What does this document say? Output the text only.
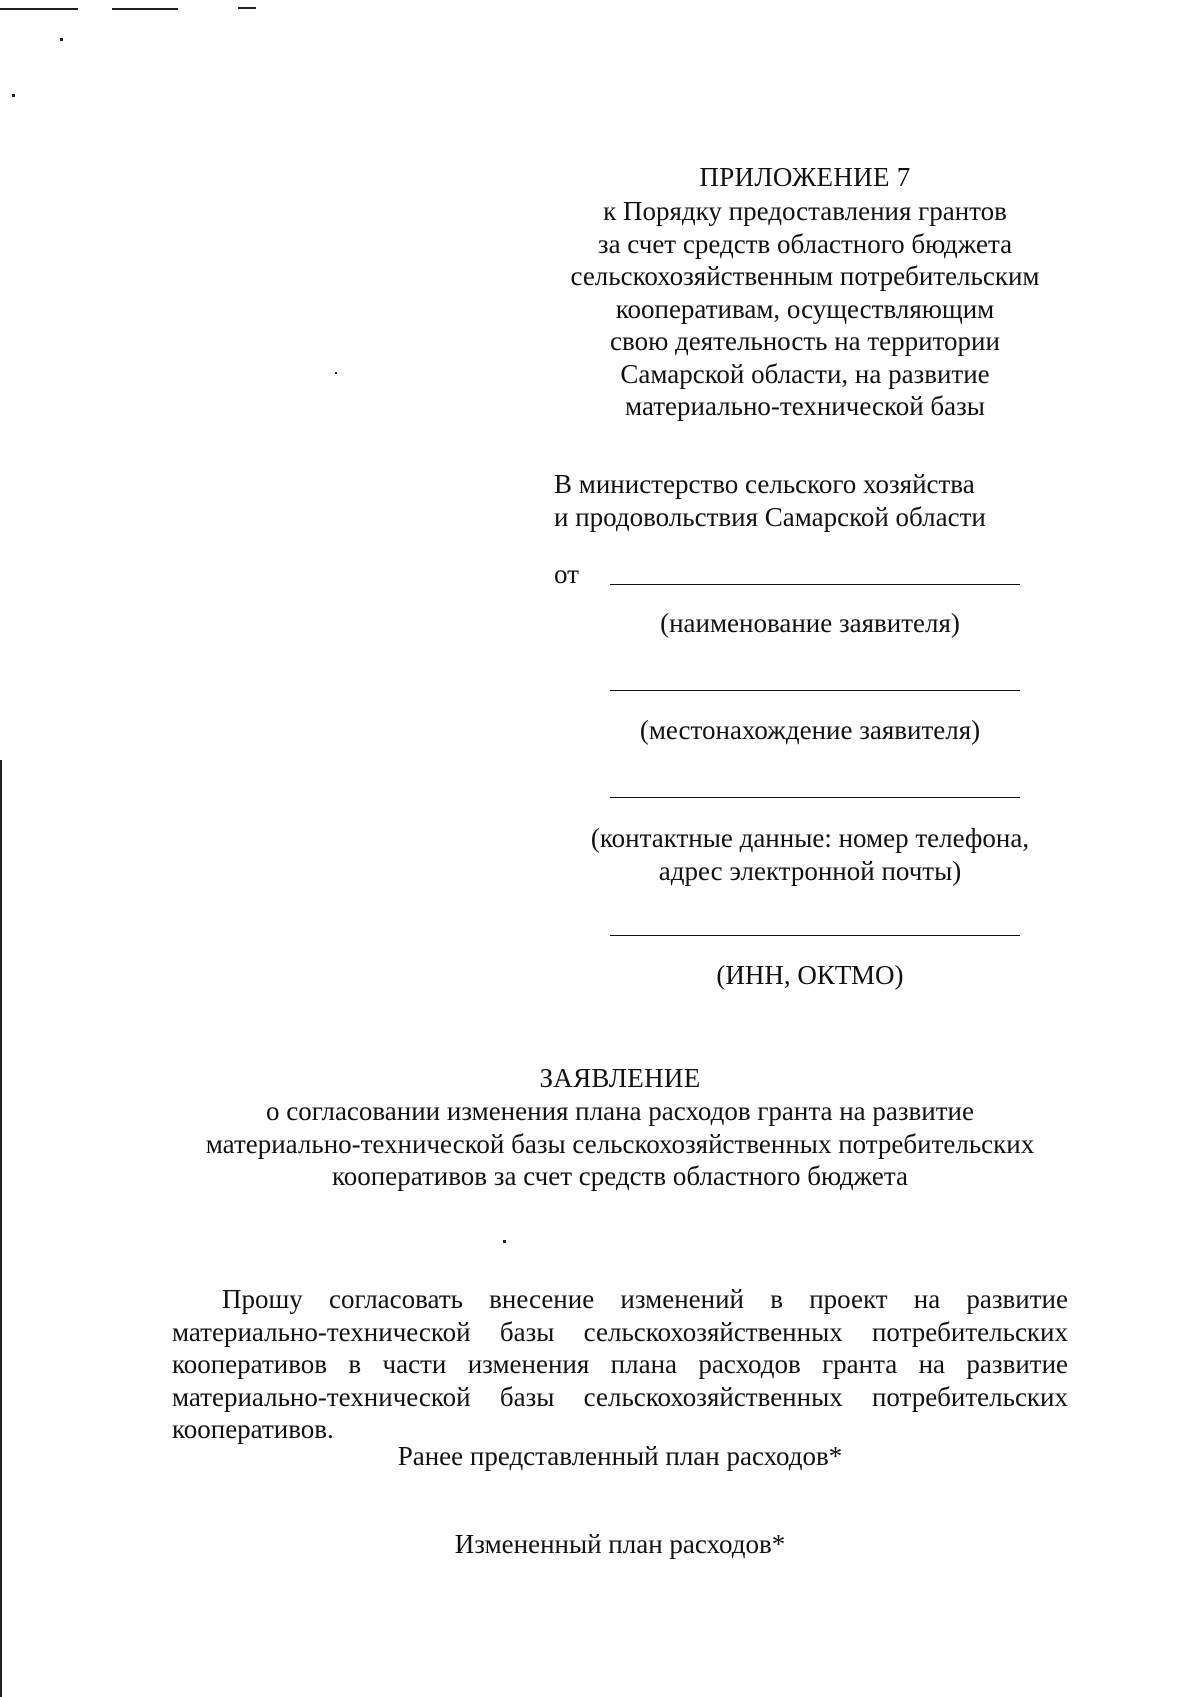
ПРИЛОЖЕНИЕ 7
к Порядку предоставления грантов
за счет средств областного бюджета
сельскохозяйственным потребительским
кооперативам, осуществляющим
свою деятельность на территории
Самарской области, на развитие
материально-технической базы
В министерство сельского хозяйства
и продовольствия Самарской области
от
(наименование заявителя)
(местонахождение заявителя)
(контактные данные: номер телефона,
адрес электронной почты)
(ИНН, ОКТМО)
ЗАЯВЛЕНИЕ
о согласовании изменения плана расходов гранта на развитие
материально-технической базы сельскохозяйственных потребительских
кооперативов за счет средств областного бюджета

Прошу согласовать внесение изменений в проект на развитие материально-технической базы сельскохозяйственных потребительских кооперативов в части изменения плана расходов гранта на развитие материально-технической базы сельскохозяйственных потребительских кооперативов.

Ранее представленный план расходов*
Измененный план расходов*
